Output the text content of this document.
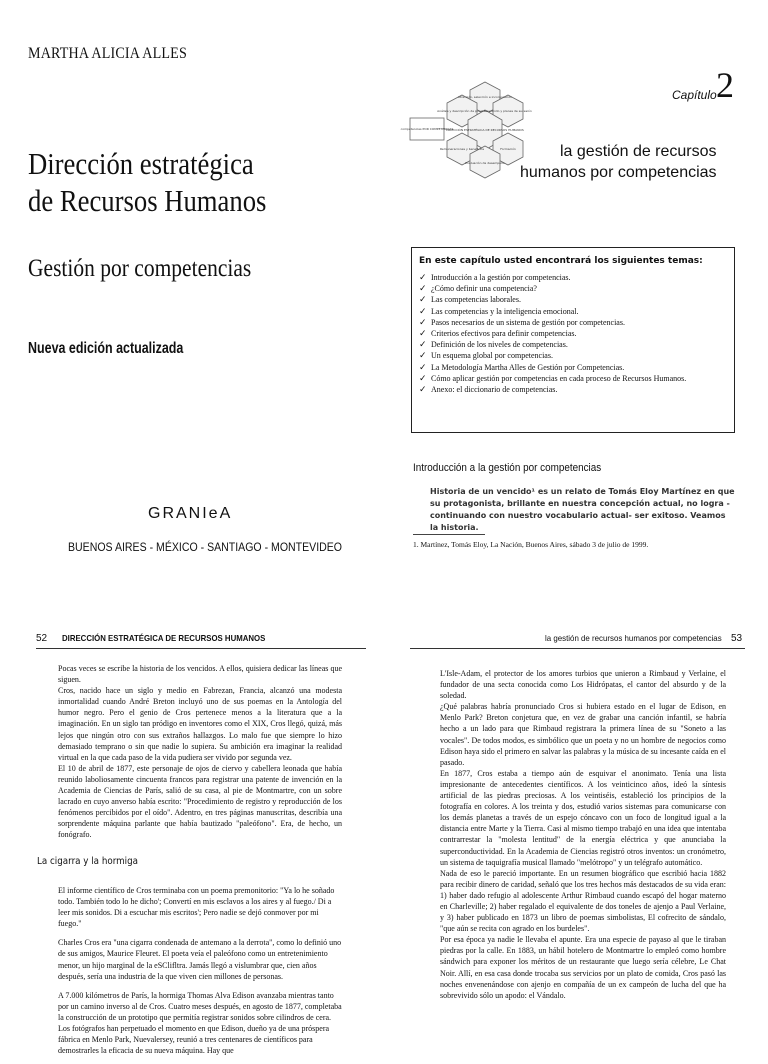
MARTHA ALICIA ALLES
Dirección estratégica
de Recursos Humanos
Gestión por competencias
Nueva edición actualizada
GRANIeA
BUENOS AIRES - MÉXICO - SANTIAGO - MONTEVIDEO
Atracción, selección e incorporación
Análisis y descripción de puestos
Desarrollo y planes de sucesión
DIRECCIÓN ESTRATÉGICA DE RECURSOS HUMANOS
Remuneraciones y beneficios	Formación
Evaluación de desempeño
competencias POR COMPETENCIAS
Capítulo 2
la gestión de recursos
humanos por competencias
En este capítulo usted encontrará los siguientes temas:
✓ Introducción a la gestión por competencias.
✓ ¿Cómo definir una competencia?
✓ Las competencias laborales.
✓ Las competencias y la inteligencia emocional.
✓ Pasos necesarios de un sistema de gestión por competencias.
✓ Criterios efectivos para definir competencias.
✓ Definición de los niveles de competencias.
✓ Un esquema global por competencias.
✓ La Metodología Martha Alles de Gestión por Competencias.
✓ Cómo aplicar gestión por competencias en cada proceso de Recursos Humanos.
✓ Anexo: el diccionario de competencias.
Introducción a la gestión por competencias
Historia de un vencido¹ es un relato de Tomás Eloy Martínez en que su protagonista, brillante en nuestra concepción actual, no logra -continuando con nuestro vocabulario actual- ser exitoso. Veamos la historia.
1. Martínez, Tomás Eloy, La Nación, Buenos Aires, sábado 3 de julio de 1999.
52 DIRECCIÓN ESTRATÉGICA DE RECURSOS HUMANOS

Pocas veces se escribe la historia de los vencidos. A ellos, quisiera dedicar las líneas que siguen.

Cros, nacido hace un siglo y medio en Fabrezan, Francia, alcanzó una modesta inmortalidad cuando André Breton incluyó uno de sus poemas en la Antología del humor negro. Pero el genio de Cros pertenece menos a la literatura que a la imaginación. En un siglo tan pródigo en inventores como el XIX, Cros llegó, quizá, más lejos que ningún otro con sus extraños hallazgos. Lo malo fue que siempre lo hizo demasiado temprano o sin que nadie lo supiera. Su ambición era imaginar la realidad virtual en la que cada paso de la vida pudiera ser vivido por segunda vez.

El 10 de abril de 1877, este personaje de ojos de ciervo y cabellera leonada que había reunido laboliosamente cincuenta francos para registrar una patente de invención en la Academia de Ciencias de París, salió de su casa, al pie de Montmartre, con un sobre lacrado en cuyo anverso había escrito: "Procedimiento de registro y reproducción de los fenómenos percibidos por el oído". Adentro, en tres páginas manuscritas, describía una sorprendente máquina parlante que había bautizado "paleófono". Era, de hecho, un fonógrafo.

La cigarra y la hormiga

El informe científico de Cros terminaba con un poema premonitorio: "Ya lo he soñado todo. También todo lo he dicho'; Convertí en mis esclavos a los aires y al fuego./ Di a leer mis sonidos. Di a escuchar mis escritos'; Pero nadie se dejó conmover por mi fuego."

Charles Cros era "una cigarra condenada de antemano a la derrota", como lo definió uno de sus amigos, Maurice Fleuret. El poeta veía el paleófono como un entretenimiento menor, un hijo marginal de la eSClifltra. Jamás llegó a vislumbrar que, cien años después, sería una industria de la que viven cien millones de personas.

A 7.000 kilómetros de París, la hormiga Thomas Alva Edison avanzaba mientras tanto por un camino inverso al de Cros. Cuatro meses después, en agosto de 1877, completaba la construcción de un prototipo que permitía registrar sonidos sobre cilindros de cera. Los fotógrafos han perpetuado el momento en que Edison, dueño ya de una próspera fábrica en Menlo Park, Nuevalersey, reunió a tres centenares de científicos para demostrarles la eficacia de su nueva máquina. Hay que

la gestión de recursos humanos por competencias 53

L'Isle-Adam, el protector de los amores turbios que unieron a Rimbaud y Verlaine, el fundador de una secta conocida como Los Hidrópatas, el cantor del absurdo y de la soledad.

¿Qué palabras habría pronunciado Cros si hubiera estado en el lugar de Edison, en Menlo Park? Breton conjetura que, en vez de grabar una canción infantil, se habría hecho a un lado para que Rimbaud registrara la primera línea de su "Soneto a las vocales". De todos modos, es simbólico que un poeta y no un hombre de negocios como Edison haya sido el primero en salvar las palabras y la música de su incesante caída en el pasado.

En 1877, Cros estaba a tiempo aún de esquivar el anonimato. Tenía una lista impresionante de antecedentes científicos. A los veinticinco años, ideó la síntesis artificial de las piedras preciosas. A los veintiséis, estableció los principios de la fotografía en colores. A los treinta y dos, estudió varios sistemas para comunicarse con los demás planetas a través de un espejo cóncavo con un foco de longitud igual a la distancia entre Marte y la Tierra. Casi al mismo tiempo trabajó en una idea que intentaba contrarrestar la "molesta lentitud" de la energía eléctrica y que anunciaba la superconductividad. En la Academia de Ciencias registró otros inventos: un cronómetro, un sistema de taquigrafía musical llamado "melótropo" y un telégrafo automático.

Nada de eso le pareció importante. En un resumen biográfico que escribió hacia 1882 para recibir dinero de caridad, señaló que los tres hechos más destacados de su vida eran: 1) haber dado refugio al adolescente Arthur Rimbaud cuando escapó del hogar materno en Charleville; 2) haber regalado el equivalente de dos toneles de ajenjo a Paul Verlaine, y 3) haber publicado en 1873 un libro de poemas simbolistas, El cofrecito de sándalo, "que aún se recita con agrado en los burdeles".

Por esa época ya nadie le llevaba el apunte. Era una especie de payaso al que le tiraban piedras por la calle. En 1883, un hábil hotelero de Montmartre lo empleó como hombre sándwich para exponer los méritos de un restaurante que luego sería célebre, Le Chat Noir. Allí, en esa casa donde trocaba sus servicios por un plato de comida, Cros pasó las noches envenenándose con ajenjo en compañía de un ex campeón de lucha del que ha sobrevivido sólo un apodo: el Vándalo.
